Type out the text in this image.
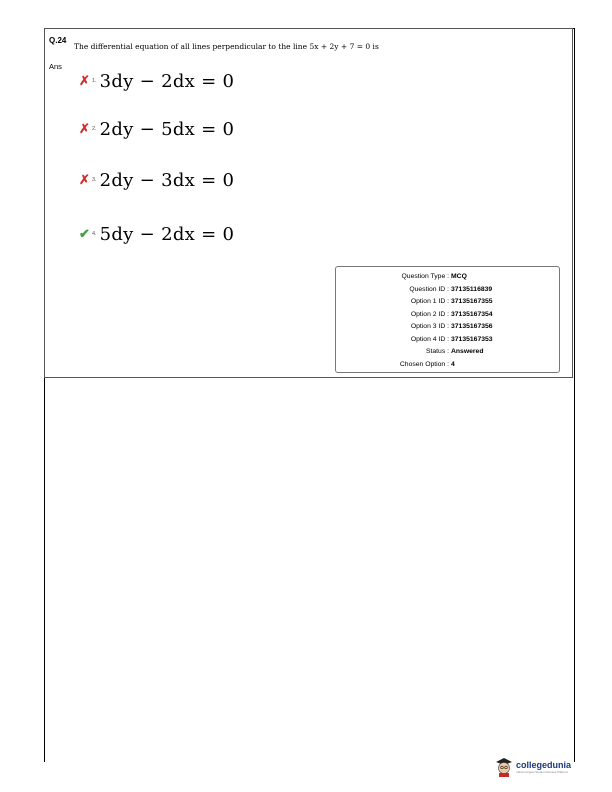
Q.24
The differential equation of all lines perpendicular to the line 5x + 2y + 7 = 0 is
Ans
✗ 1. 3dy − 2dx = 0
✗ 2. 2dy − 5dx = 0
✗ 3. 2dy − 3dx = 0
✔ 4. 5dy − 2dx = 0
Question Type : MCQ
Question ID : 37135116839
Option 1 ID : 37135167355
Option 2 ID : 37135167354
Option 3 ID : 37135167356
Option 4 ID : 37135167353
Status : Answered
Chosen Option : 4
collegedunia
India's largest Student Review Platform
